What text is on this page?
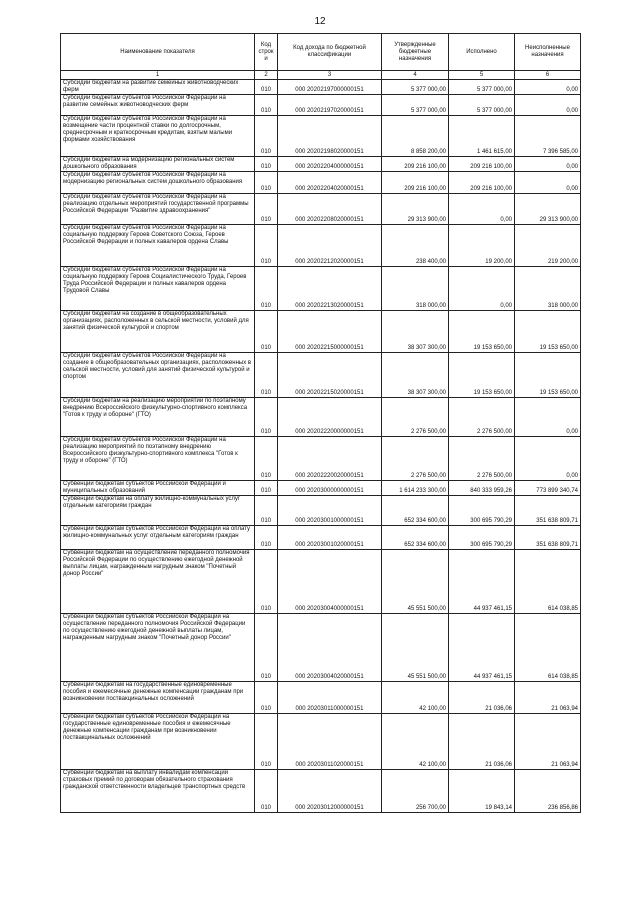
12
Наименование показателя	Код строк и	Код дохода по бюджетной классификации	Утвержденные бюджетные назначения	Исполнено	Неисполненные назначения
1	2	3	4	5	6
Субсидии бюджетам на развитие семейных животноводческих ферм	010	000 20202197000000151	5 377 000,00	5 377 000,00	0,00
Субсидии бюджетам субъектов Российской Федерации на развитие семейных животноводческих ферм	010	000 20202197020000151	5 377 000,00	5 377 000,00	0,00
Субсидии бюджетам субъектов Российской Федерации на возмещение части процентной ставки по долгосрочным, среднесрочным и краткосрочным кредитам, взятым малыми формами хозяйствования	010	000 20202198020000151	8 858 200,00	1 461 615,00	7 396 585,00
Субсидии бюджетам на модернизацию региональных систем дошкольного образования	010	000 20202204000000151	209 216 100,00	209 216 100,00	0,00
Субсидии бюджетам субъектов Российской Федерации на модернизацию региональных систем дошкольного образования	010	000 20202204020000151	209 216 100,00	209 216 100,00	0,00
Субсидии бюджетам субъектов Российской Федерации на реализацию отдельных мероприятий государственной программы Российской Федерации "Развитие здравоохранения"	010	000 20202208020000151	29 313 900,00	0,00	29 313 900,00
Субсидии бюджетам субъектов Российской Федерации на социальную поддержку Героев Советского Союза, Героев Российской Федерации и полных кавалеров ордена Славы	010	000 20202212020000151	238 400,00	19 200,00	219 200,00
Субсидии бюджетам субъектов Российской Федерации на социальную поддержку Героев Социалистического Труда, Героев Труда Российской Федерации и полных кавалеров ордена Трудовой Славы	010	000 20202213020000151	318 000,00	0,00	318 000,00
Субсидии бюджетам на создание в общеобразовательных организациях, расположенных в сельской местности, условий для занятий физической культурой и спортом	010	000 20202215000000151	38 307 300,00	19 153 650,00	19 153 650,00
Субсидии бюджетам субъектов Российской Федерации на создание в общеобразовательных организациях, расположенных в сельской местности, условий для занятий физической культурой и спортом	010	000 20202215020000151	38 307 300,00	19 153 650,00	19 153 650,00
Субсидии бюджетам на реализацию мероприятий по поэтапному внедрению Всероссийского физкультурно-спортивного комплекса "Готов к труду и обороне" (ГТО)	010	000 20202220000000151	2 276 500,00	2 276 500,00	0,00
Субсидии бюджетам субъектов Российской Федерации на реализацию мероприятий по поэтапному внедрению Всероссийского физкультурно-спортивного комплекса "Готов к труду и обороне" (ГТО)	010	000 20202220020000151	2 276 500,00	2 276 500,00	0,00
Субвенции бюджетам субъектов Российской Федерации и муниципальных образований	010	000 20203000000000151	1 614 233 300,00	840 333 959,26	773 899 340,74
Субвенции бюджетам на оплату жилищно-коммунальных услуг отдельным категориям граждан	010	000 20203001000000151	652 334 600,00	300 695 790,29	351 638 809,71
Субвенции бюджетам субъектов Российской Федерации на оплату жилищно-коммунальных услуг отдельным категориям граждан	010	000 20203001020000151	652 334 600,00	300 695 790,29	351 638 809,71
Субвенции бюджетам на осуществление переданного полномочия Российской Федерации по осуществлению ежегодной денежной выплаты лицам, награжденным нагрудным знаком "Почетный донор России"	010	000 20203004000000151	45 551 500,00	44 937 461,15	614 038,85
Субвенции бюджетам субъектов Российской Федерации на осуществление переданного полномочия Российской Федерации по осуществлению ежегодной денежной выплаты лицам, награжденным нагрудным знаком "Почетный донор России"	010	000 20203004020000151	45 551 500,00	44 937 461,15	614 038,85
Субвенции бюджетам на государственные единовременные пособия и ежемесячные денежные компенсации гражданам при возникновении поствакцинальных осложнений	010	000 20203011000000151	42 100,00	21 036,06	21 063,94
Субвенции бюджетам субъектов Российской Федерации на государственные единовременные пособия и ежемесячные денежные компенсации гражданам при возникновении поствакцинальных осложнений	010	000 20203011020000151	42 100,00	21 036,06	21 063,94
Субвенции бюджетам на выплату инвалидам компенсаций страховых премий по договорам обязательного страхования гражданской ответственности владельцев транспортных средств	010	000 20203012000000151	256 700,00	19 843,14	236 856,86
